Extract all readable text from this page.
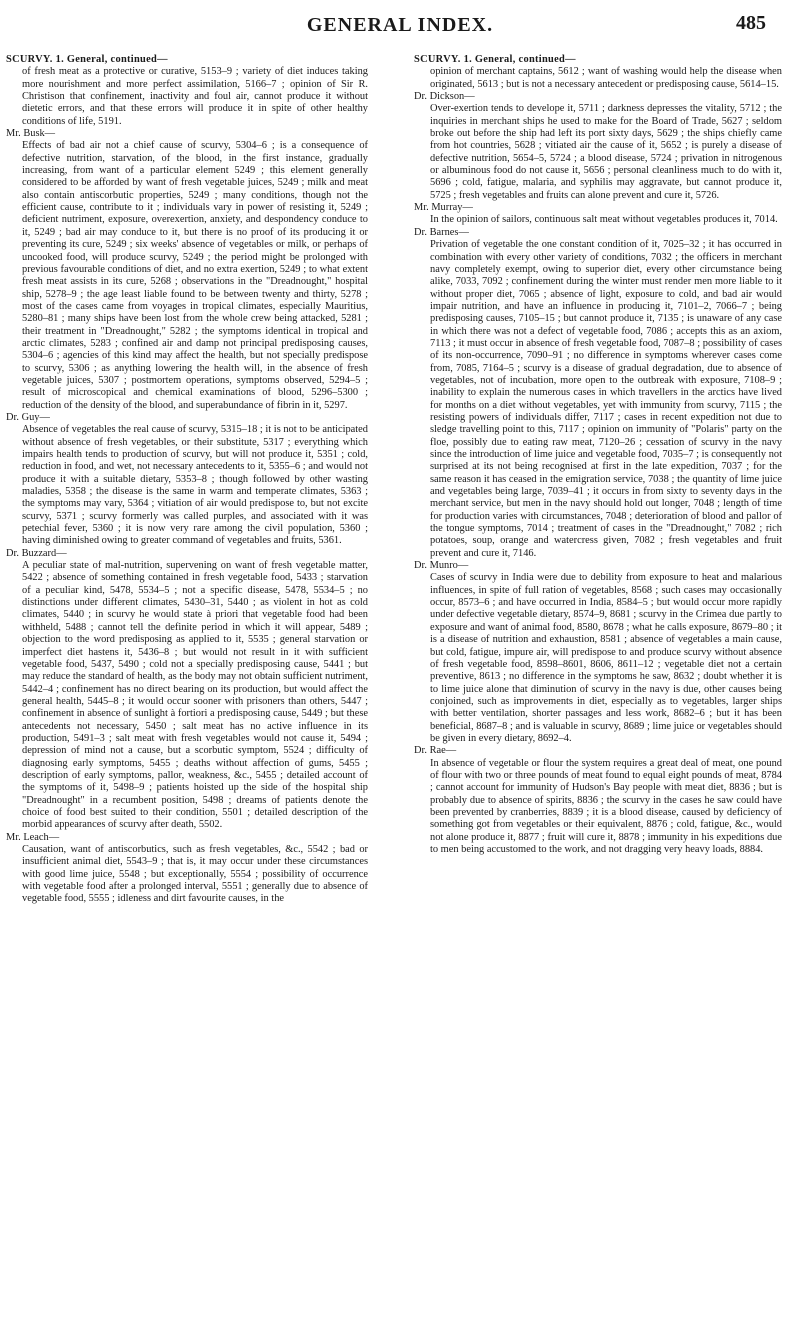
GENERAL INDEX.	485

SCURVY. 1. General, continued—

of fresh meat as a protective or curative, 5153–9 ; variety of diet induces taking more nourishment and more perfect assimilation, 5166–7 ; opinion of Sir R. Christison that confinement, inactivity and foul air, cannot produce it without dietetic errors, and that these errors will produce it in spite of other healthy conditions of life, 5191.

Mr. Busk—

Effects of bad air not a chief cause of scurvy, 5304–6 ; is a consequence of defective nutrition, starvation, of the blood, in the first instance, gradually increasing, from want of a particular element 5249 ; this element generally considered to be afforded by want of fresh vegetable juices, 5249 ; milk and meat also contain antiscorbutic properties, 5249 ; many conditions, though not the efficient cause, contribute to it ; individuals vary in power of resisting it, 5249 ; deficient nutriment, exposure, overexertion, anxiety, and despondency conduce to it, 5249 ; bad air may conduce to it, but there is no proof of its producing it or preventing its cure, 5249 ; six weeks' absence of vegetables or milk, or perhaps of uncooked food, will produce scurvy, 5249 ; the period might be prolonged with previous favourable conditions of diet, and no extra exertion, 5249 ; to what extent fresh meat assists in its cure, 5268 ; observations in the "Dreadnought," hospital ship, 5278–9 ; the age least liable found to be between twenty and thirty, 5278 ; most of the cases came from voyages in tropical climates, especially Mauritius, 5280–81 ; many ships have been lost from the whole crew being attacked, 5281 ; their treatment in "Dreadnought," 5282 ; the symptoms identical in tropical and arctic climates, 5283 ; confined air and damp not principal predisposing causes, 5304–6 ; agencies of this kind may affect the health, but not specially predispose to scurvy, 5306 ; as anything lowering the health will, in the absence of fresh vegetable juices, 5307 ; postmortem operations, symptoms observed, 5294–5 ; result of microscopical and chemical examinations of blood, 5296–5300 ; reduction of the density of the blood, and superabundance of fibrin in it, 5297.

Dr. Guy—

Absence of vegetables the real cause of scurvy, 5315–18 ; it is not to be anticipated without absence of fresh vegetables, or their substitute, 5317 ; everything which impairs health tends to production of scurvy, but will not produce it, 5351 ; cold, reduction in food, and wet, not necessary antecedents to it, 5355–6 ; and would not produce it with a suitable dietary, 5353–8 ; though followed by other wasting maladies, 5358 ; the disease is the same in warm and temperate climates, 5363 ; the symptoms may vary, 5364 ; vitiation of air would predispose to, but not excite scurvy, 5371 ; scurvy formerly was called purples, and associated with it was petechial fever, 5360 ; it is now very rare among the civil population, 5360 ; having diminished owing to greater command of vegetables and fruits, 5361.

Dr. Buzzard—

A peculiar state of mal-nutrition, supervening on want of fresh vegetable matter, 5422 ; absence of something contained in fresh vegetable food, 5433 ; starvation of a peculiar kind, 5478, 5534–5 ; not a specific disease, 5478, 5534–5 ; no distinctions under different climates, 5430–31, 5440 ; as violent in hot as cold climates, 5440 ; in scurvy he would state à priori that vegetable food had been withheld, 5488 ; cannot tell the definite period in which it will appear, 5489 ; objection to the word predisposing as applied to it, 5535 ; general starvation or imperfect diet hastens it, 5436–8 ; but would not result in it with sufficient vegetable food, 5437, 5490 ; cold not a specially predisposing cause, 5441 ; but may reduce the standard of health, as the body may not obtain sufficient nutriment, 5442–4 ; confinement has no direct bearing on its production, but would affect the general health, 5445–8 ; it would occur sooner with prisoners than others, 5447 ; confinement in absence of sunlight à fortiori a predisposing cause, 5449 ; but these antecedents not necessary, 5450 ; salt meat has no active influence in its production, 5491–3 ; salt meat with fresh vegetables would not cause it, 5494 ; depression of mind not a cause, but a scorbutic symptom, 5524 ; difficulty of diagnosing early symptoms, 5455 ; deaths without affection of gums, 5455 ; description of early symptoms, pallor, weakness, &c., 5455 ; detailed account of the symptoms of it, 5498–9 ; patients hoisted up the side of the hospital ship "Dreadnought" in a recumbent position, 5498 ; dreams of patients denote the choice of food best suited to their condition, 5501 ; detailed description of the morbid appearances of scurvy after death, 5502.

Mr. Leach—

Causation, want of antiscorbutics, such as fresh vegetables, &c., 5542 ; bad or insufficient animal diet, 5543–9 ; that is, it may occur under these circumstances with good lime juice, 5548 ; but exceptionally, 5554 ; possibility of occurrence with vegetable food after a prolonged interval, 5551 ; generally due to absence of vegetable food, 5555 ; idleness and dirt favourite causes, in the

SCURVY. 1. General, continued—

opinion of merchant captains, 5612 ; want of washing would help the disease when originated, 5613 ; but is not a necessary antecedent or predisposing cause, 5614–15.

Dr. Dickson—

Over-exertion tends to develope it, 5711 ; darkness depresses the vitality, 5712 ; the inquiries in merchant ships he used to make for the Board of Trade, 5627 ; seldom broke out before the ship had left its port sixty days, 5629 ; the ships chiefly came from hot countries, 5628 ; vitiated air the cause of it, 5652 ; is purely a disease of defective nutrition, 5654–5, 5724 ; a blood disease, 5724 ; privation in nitrogenous or albuminous food do not cause it, 5656 ; personal cleanliness much to do with it, 5696 ; cold, fatigue, malaria, and syphilis may aggravate, but cannot produce it, 5725 ; fresh vegetables and fruits can alone prevent and cure it, 5726.

Mr. Murray—

In the opinion of sailors, continuous salt meat without vegetables produces it, 7014.

Dr. Barnes—

Privation of vegetable the one constant condition of it, 7025–32 ; it has occurred in combination with every other variety of conditions, 7032 ; the officers in merchant navy completely exempt, owing to superior diet, every other circumstance being alike, 7033, 7092 ; confinement during the winter must render men more liable to it without proper diet, 7065 ; absence of light, exposure to cold, and bad air would impair nutrition, and have an influence in producing it, 7101–2, 7066–7 ; being predisposing causes, 7105–15 ; but cannot produce it, 7135 ; is unaware of any case in which there was not a defect of vegetable food, 7086 ; accepts this as an axiom, 7113 ; it must occur in absence of fresh vegetable food, 7087–8 ; possibility of cases of its non-occurrence, 7090–91 ; no difference in symptoms wherever cases come from, 7085, 7164–5 ; scurvy is a disease of gradual degradation, due to absence of vegetables, not of incubation, more open to the outbreak with exposure, 7108–9 ; inability to explain the numerous cases in which travellers in the arctics have lived for months on a diet without vegetables, yet with immunity from scurvy, 7115 ; the resisting powers of individuals differ, 7117 ; cases in recent expedition not due to sledge travelling point to this, 7117 ; opinion on immunity of "Polaris" party on the floe, possibly due to eating raw meat, 7120–26 ; cessation of scurvy in the navy since the introduction of lime juice and vegetable food, 7035–7 ; is consequently not surprised at its not being recognised at first in the late expedition, 7037 ; for the same reason it has ceased in the emigration service, 7038 ; the quantity of lime juice and vegetables being large, 7039–41 ; it occurs in from sixty to seventy days in the merchant service, but men in the navy should hold out longer, 7048 ; length of time for production varies with circumstances, 7048 ; deterioration of blood and pallor of the tongue symptoms, 7014 ; treatment of cases in the "Dreadnought," 7082 ; rich potatoes, soup, orange and watercress given, 7082 ; fresh vegetables and fruit prevent and cure it, 7146.

Dr. Munro—

Cases of scurvy in India were due to debility from exposure to heat and malarious influences, in spite of full ration of vegetables, 8568 ; such cases may occasionally occur, 8573–6 ; and have occurred in India, 8584–5 ; but would occur more rapidly under defective vegetable dietary, 8574–9, 8681 ; scurvy in the Crimea due partly to exposure and want of animal food, 8580, 8678 ; what he calls exposure, 8679–80 ; it is a disease of nutrition and exhaustion, 8581 ; absence of vegetables a main cause, but cold, fatigue, impure air, will predispose to and produce scurvy without absence of fresh vegetable food, 8598–8601, 8606, 8611–12 ; vegetable diet not a certain preventive, 8613 ; no difference in the symptoms he saw, 8632 ; doubt whether it is to lime juice alone that diminution of scurvy in the navy is due, other causes being conjoined, such as improvements in diet, especially as to vegetables, larger ships with better ventilation, shorter passages and less work, 8682–6 ; but it has been beneficial, 8687–8 ; and is valuable in scurvy, 8689 ; lime juice or vegetables should be given in every dietary, 8692–4.

Dr. Rae—

In absence of vegetable or flour the system requires a great deal of meat, one pound of flour with two or three pounds of meat found to equal eight pounds of meat, 8784 ; cannot account for immunity of Hudson's Bay people with meat diet, 8836 ; but is probably due to absence of spirits, 8836 ; the scurvy in the cases he saw could have been prevented by cranberries, 8839 ; it is a blood disease, caused by deficiency of something got from vegetables or their equivalent, 8876 ; cold, fatigue, &c., would not alone produce it, 8877 ; fruit will cure it, 8878 ; immunity in his expeditions due to men being accustomed to the work, and not dragging very heavy loads, 8884.
